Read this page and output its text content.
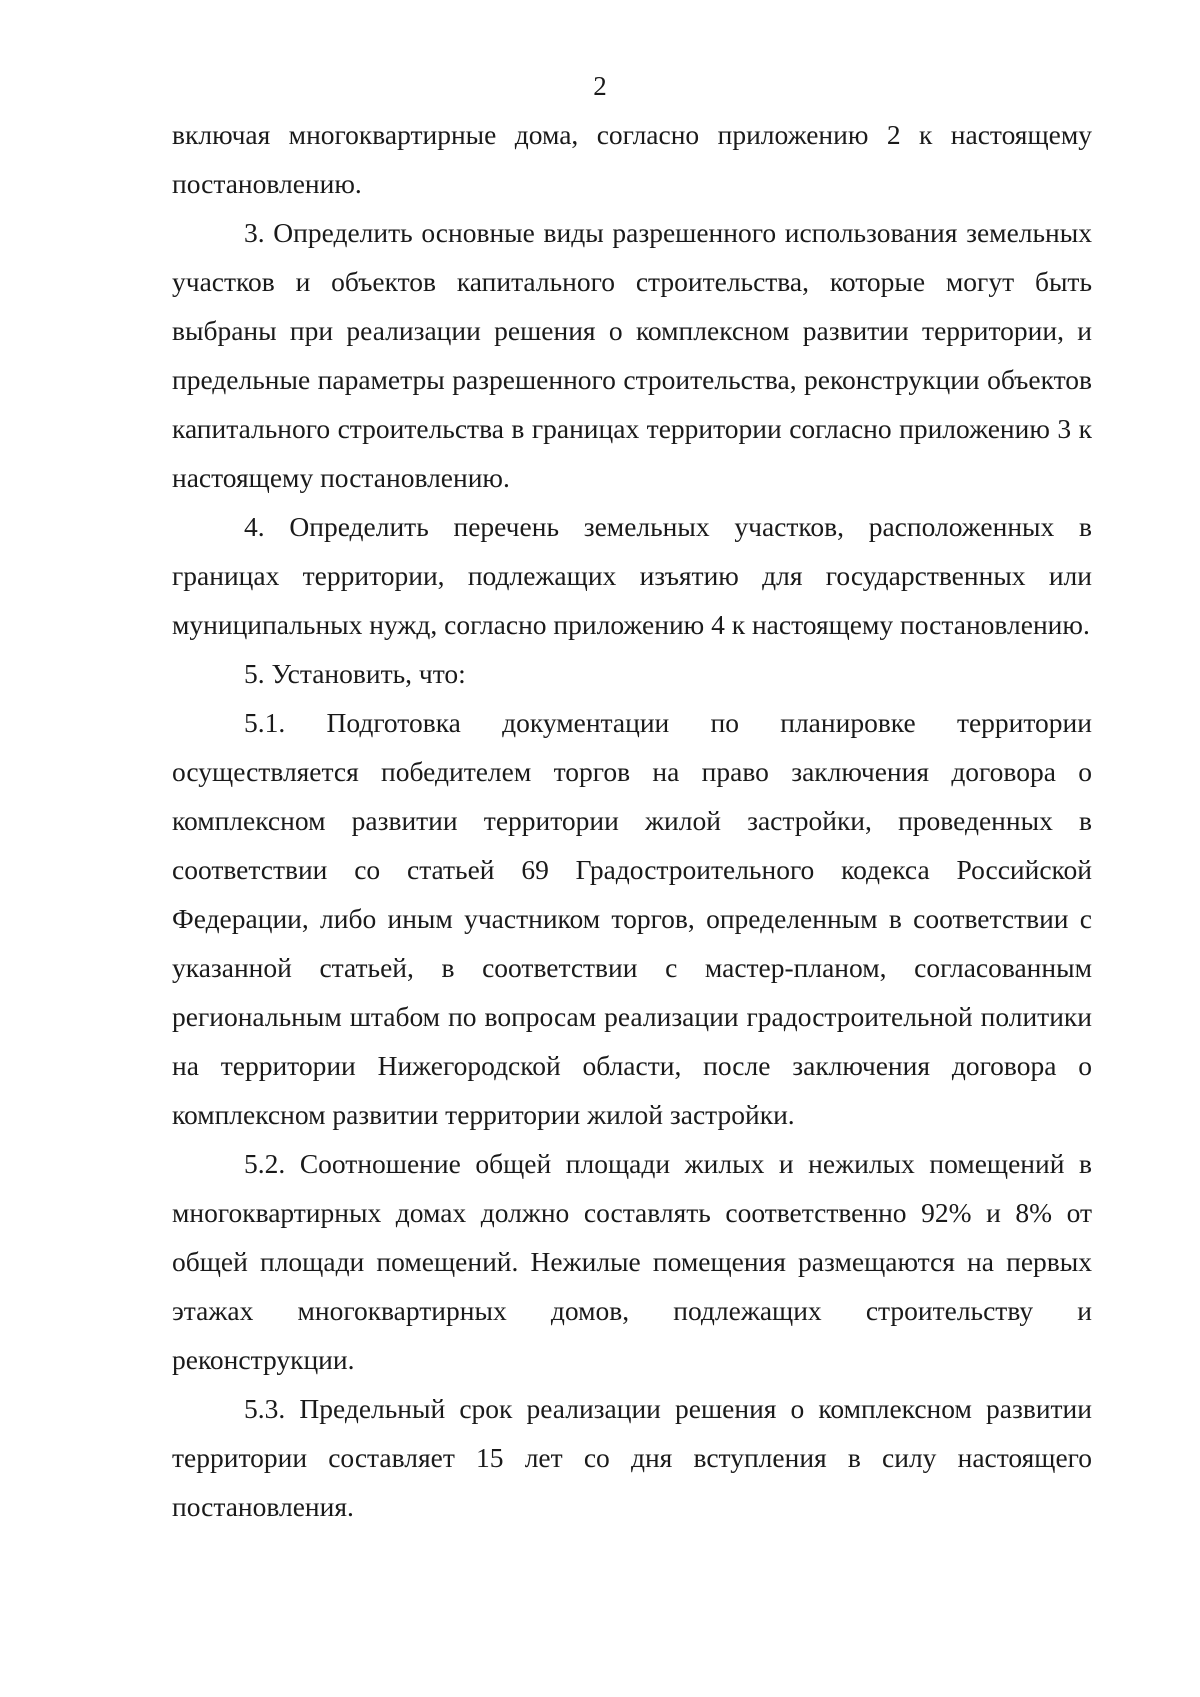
2

включая многоквартирные дома, согласно приложению 2 к настоящему постановлению.

3. Определить основные виды разрешенного использования земельных участков и объектов капитального строительства, которые могут быть выбраны при реализации решения о комплексном развитии территории, и предельные параметры разрешенного строительства, реконструкции объектов капитального строительства в границах территории согласно приложению 3 к настоящему постановлению.

4. Определить перечень земельных участков, расположенных в границах территории, подлежащих изъятию для государственных или муниципальных нужд, согласно приложению 4 к настоящему постановлению.

5. Установить, что:

5.1. Подготовка документации по планировке территории осуществляется победителем торгов на право заключения договора о комплексном развитии территории жилой застройки, проведенных в соответствии со статьей 69 Градостроительного кодекса Российской Федерации, либо иным участником торгов, определенным в соответствии с указанной статьей, в соответствии с мастер-планом, согласованным региональным штабом по вопросам реализации градостроительной политики на территории Нижегородской области, после заключения договора о комплексном развитии территории жилой застройки.

5.2. Соотношение общей площади жилых и нежилых помещений в многоквартирных домах должно составлять соответственно 92% и 8% от общей площади помещений. Нежилые помещения размещаются на первых этажах многоквартирных домов, подлежащих строительству и реконструкции.

5.3. Предельный срок реализации решения о комплексном развитии территории составляет 15 лет со дня вступления в силу настоящего постановления.
